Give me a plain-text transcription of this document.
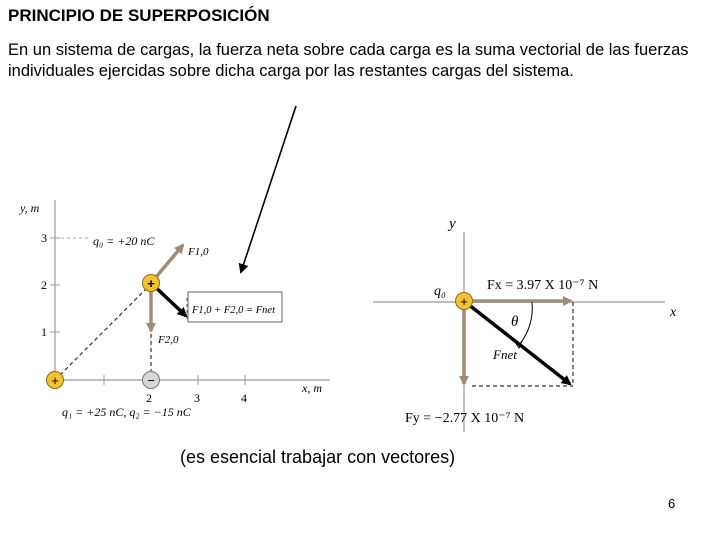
PRINCIPIO DE SUPERPOSICIÓN

En un sistema de cargas, la fuerza neta sobre cada carga es la suma vectorial de las fuerzas individuales ejercidas sobre dicha carga por las restantes cargas del sistema.

y, m
3
2
1
2	3	4
x, m
+
+	−
q₀ = +20 nC
F1,0
F2,0
F1,0 + F2,0 = Fnet
q₁ = +25 nC, q₂ = −15 nC
y
x
θ
+
q₀	Fx = 3.97 X 10⁻⁷ N
Fnet
Fy = −2.77 X 10⁻⁷ N
(es esencial trabajar con vectores)
6
